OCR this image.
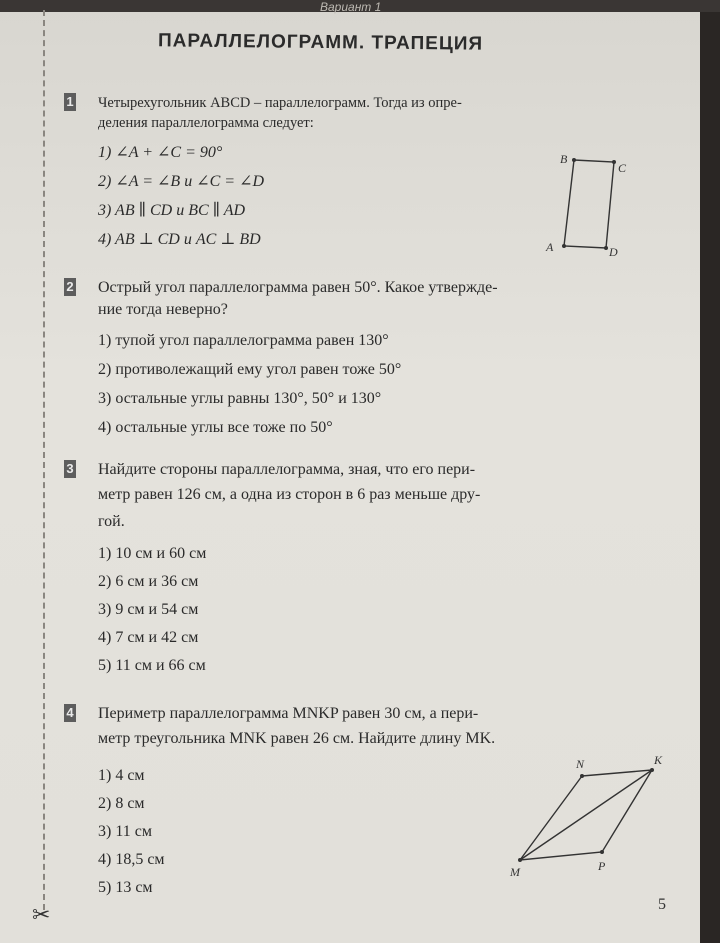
Вариант 1
✂
ПАРАЛЛЕЛОГРАММ. ТРАПЕЦИЯ
1 Четырехугольник ABCD – параллелограмм. Тогда из опре-
деления параллелограмма следует:
1) ∠A + ∠C = 90°
2) ∠A = ∠B и ∠C = ∠D
3) AB ∥ CD и BC ∥ AD
4) AB ⊥ CD и AC ⊥ BD
B
C
A	D
2 Острый угол параллелограмма равен 50°. Какое утвержде-
ние тогда неверно?
1) тупой угол параллелограмма равен 130°
2) противолежащий ему угол равен тоже 50°
3) остальные углы равны 130°, 50° и 130°
4) остальные углы все тоже по 50°
3 Найдите стороны параллелограмма, зная, что его пери-
метр равен 126 см, а одна из сторон в 6 раз меньше дру-
гой.
1) 10 см и 60 см
2) 6 см и 36 см
3) 9 см и 54 см
4) 7 см и 42 см
5) 11 см и 66 см
4 Периметр параллелограмма MNKP равен 30 см, а пери-
метр треугольника MNK равен 26 см. Найдите длину MK.
1) 4 см
2) 8 см
3) 11 см
4) 18,5 см
5) 13 см
N	K
M	P
5
